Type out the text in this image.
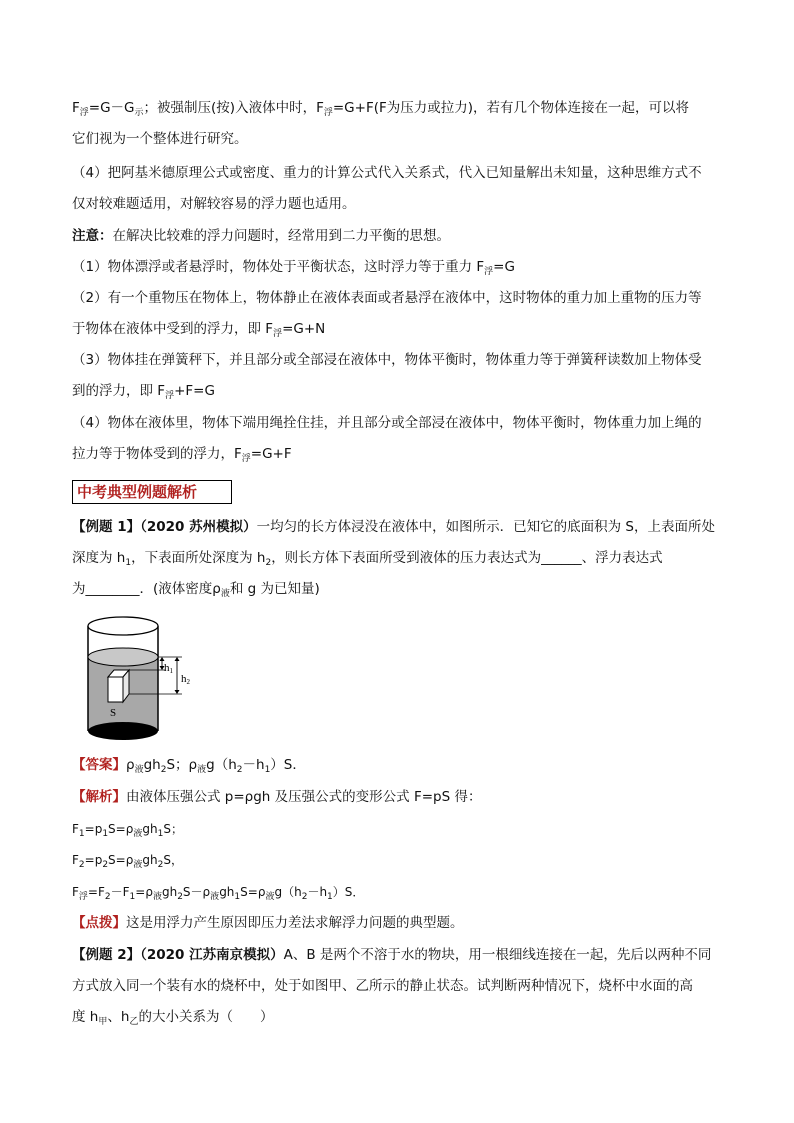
$F_浮=G-G_示$；被强制压(按)入液体中时，$F_浮=G+F(F$为压力或拉力)，若有几个物体连接在一起，可以将
它们视为一个整体进行研究。
（4）把阿基米德原理公式或密度、重力的计算公式代入关系式，代入已知量解出未知量，这种思维方式不
仅对较难题适用，对解较容易的浮力题也适用。
注意：在解决比较难的浮力问题时，经常用到二力平衡的思想。
（1）物体漂浮或者悬浮时，物体处于平衡状态，这时浮力等于重力 $F_浮=G$
（2）有一个重物压在物体上，物体静止在液体表面或者悬浮在液体中，这时物体的重力加上重物的压力等
于物体在液体中受到的浮力，即 $F_浮=G+N$
（3）物体挂在弹簧秤下，并且部分或全部浸在液体中，物体平衡时，物体重力等于弹簧秤读数加上物体受
到的浮力，即 $F_浮+F=G$
（4）物体在液体里，物体下端用绳拴住挂，并且部分或全部浸在液体中，物体平衡时，物体重力加上绳的
拉力等于物体受到的浮力，$F_浮=G+F$
中考典型例题解析
【例题 1】（2020 苏州模拟）一均匀的长方体浸没在液体中，如图所示．已知它的底面积为 S，上表面所处
深度为 $h_1$，下表面所处深度为 $h_2$，则长方体下表面所受到液体的压力表达式为______、浮力表达式
为________．(液体密度$\rho_液$和 g 为已知量)
h1
h2
S
【答案】$\rho_液gh_2S$；$\rho_液g(h_2-h_1)S$．
【解析】由液体压强公式 p=ρgh 及压强公式的变形公式 F=pS 得：
$F_1=p_1S=\rho_液gh_1S$；
$F_2=p_2S=\rho_液gh_2S$，
$F_浮=F_2-F_1=\rho_液gh_2S-\rho_液gh_1S=\rho_液g(h_2-h_1)S$．
【点拨】这是用浮力产生原因即压力差法求解浮力问题的典型题。
【例题 2】（2020 江苏南京模拟）A、B 是两个不溶于水的物块，用一根细线连接在一起，先后以两种不同
方式放入同一个装有水的烧杯中，处于如图甲、乙所示的静止状态。试判断两种情况下，烧杯中水面的高
度 $h_甲$、$h_乙$的大小关系为（　　）
